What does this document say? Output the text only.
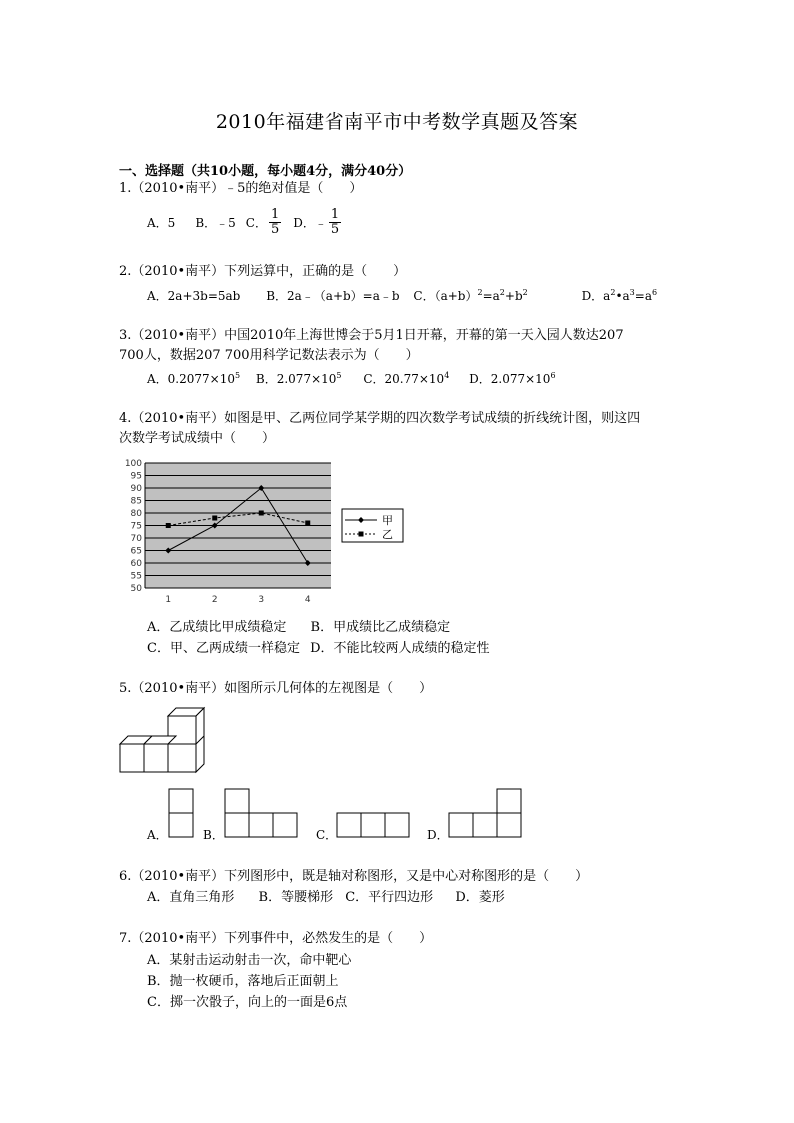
2010年福建省南平市中考数学真题及答案
一、选择题（共10小题，每小题4分，满分40分）
1.（2010•南平）﹣5的绝对值是（　　）
A．5 B．﹣5 C． $\frac{1}{5}$ D．﹣ $\frac{1}{5}$
2.（2010•南平）下列运算中，正确的是（　　）
A．2a+3b=5ab B．2a﹣（a+b）=a﹣b C．$(a+b)^2=a^2+b^2$	D．$a^2•a^3=a^6$
3.（2010•南平）中国2010年上海世博会于5月1日开幕，开幕的第一天入园人数达207
700人，数据207 700用科学记数法表示为（　　）
A．$0.2077\times 10^5$ B．$2.077\times 10^5$ C．$20.77\times 10^4$ D．$2.077\times 10^6$
4.（2010•南平）如图是甲、乙两位同学某学期的四次数学考试成绩的折线统计图，则这四
次数学考试成绩中（　　）
100
95
90
85
80
75
70
65
60
55
50
1	2	3	4
甲
乙
A．乙成绩比甲成绩稳定 B．甲成绩比乙成绩稳定
C．甲、乙两成绩一样稳定 D．不能比较两人成绩的稳定性
5.（2010•南平）如图所示几何体的左视图是（　　）
A．	B．	C．	D．
6.（2010•南平）下列图形中，既是轴对称图形，又是中心对称图形的是（　　）
A．直角三角形 B．等腰梯形 C．平行四边形 D．菱形
7.（2010•南平）下列事件中，必然发生的是（　　）
A．某射击运动射击一次，命中靶心
B．抛一枚硬币，落地后正面朝上
C．掷一次骰子，向上的一面是6点
